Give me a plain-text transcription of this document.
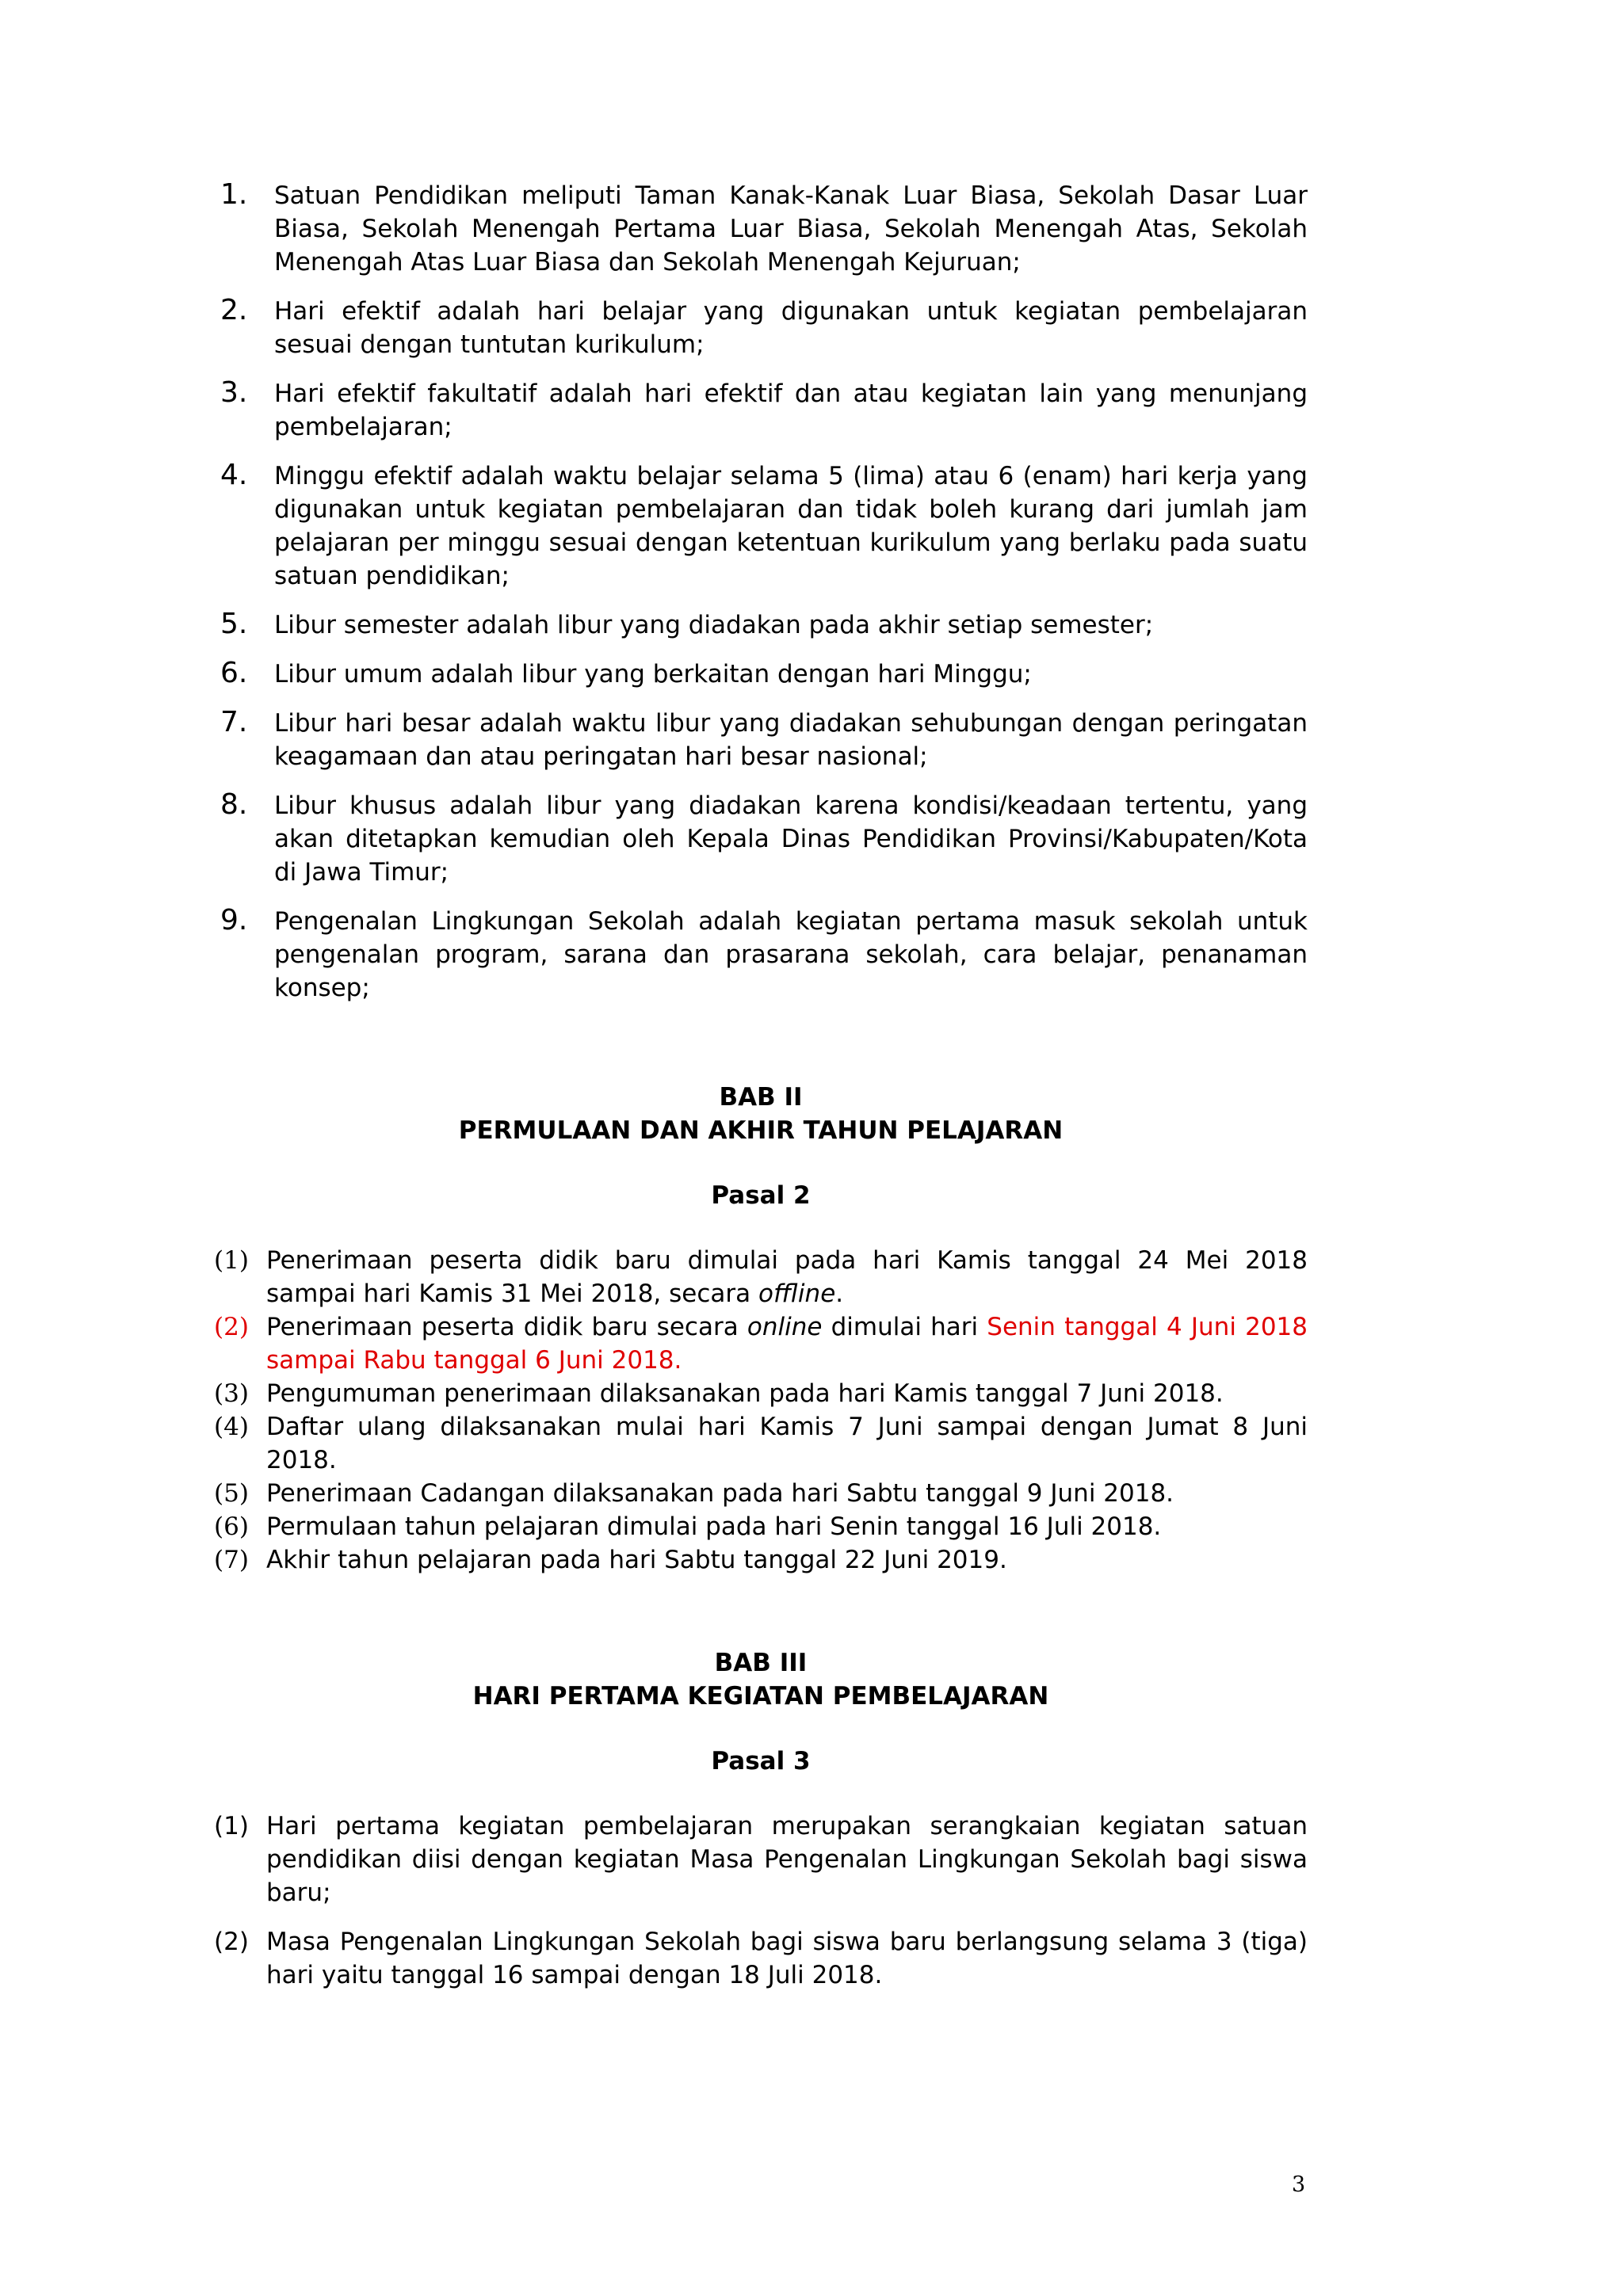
1. Satuan Pendidikan meliputi Taman Kanak-Kanak Luar Biasa, Sekolah Dasar Luar Biasa, Sekolah Menengah Pertama Luar Biasa, Sekolah Menengah Atas, Sekolah Menengah Atas Luar Biasa dan Sekolah Menengah Kejuruan;
2. Hari efektif adalah hari belajar yang digunakan untuk kegiatan pembelajaran sesuai dengan tuntutan kurikulum;
3. Hari efektif fakultatif adalah hari efektif dan atau kegiatan lain yang menunjang pembelajaran;
4. Minggu efektif adalah waktu belajar selama 5 (lima) atau 6 (enam) hari kerja yang digunakan untuk kegiatan pembelajaran dan tidak boleh kurang dari jumlah jam pelajaran per minggu sesuai dengan ketentuan kurikulum yang berlaku pada suatu satuan pendidikan;
5. Libur semester adalah libur yang diadakan pada akhir setiap semester;
6. Libur umum adalah libur yang berkaitan dengan hari Minggu;
7. Libur hari besar adalah waktu libur yang diadakan sehubungan dengan peringatan keagamaan dan atau peringatan hari besar nasional;
8. Libur khusus adalah libur yang diadakan karena kondisi/keadaan tertentu, yang akan ditetapkan kemudian oleh Kepala Dinas Pendidikan Provinsi/Kabupaten/Kota di Jawa Timur;
9. Pengenalan Lingkungan Sekolah adalah kegiatan pertama masuk sekolah untuk pengenalan program, sarana dan prasarana sekolah, cara belajar, penanaman konsep;
BAB II
PERMULAAN DAN AKHIR TAHUN PELAJARAN
Pasal 2
(1) Penerimaan peserta didik baru dimulai pada hari Kamis tanggal 24 Mei 2018 sampai hari Kamis 31 Mei 2018, secara offline.
(2) Penerimaan peserta didik baru secara online dimulai hari Senin tanggal 4 Juni 2018 sampai Rabu tanggal 6 Juni 2018.
(3) Pengumuman penerimaan dilaksanakan pada hari Kamis tanggal 7 Juni 2018.
(4) Daftar ulang dilaksanakan mulai hari Kamis 7 Juni sampai dengan Jumat 8 Juni 2018.
(5) Penerimaan Cadangan dilaksanakan pada hari Sabtu tanggal 9 Juni 2018.
(6) Permulaan tahun pelajaran dimulai pada hari Senin tanggal 16 Juli 2018.
(7) Akhir tahun pelajaran pada hari Sabtu tanggal 22 Juni 2019.
BAB III
HARI PERTAMA KEGIATAN PEMBELAJARAN
Pasal 3
(1) Hari pertama kegiatan pembelajaran merupakan serangkaian kegiatan satuan pendidikan diisi dengan kegiatan Masa Pengenalan Lingkungan Sekolah bagi siswa baru;
(2) Masa Pengenalan Lingkungan Sekolah bagi siswa baru berlangsung selama 3 (tiga) hari yaitu tanggal 16 sampai dengan 18 Juli 2018.
3
